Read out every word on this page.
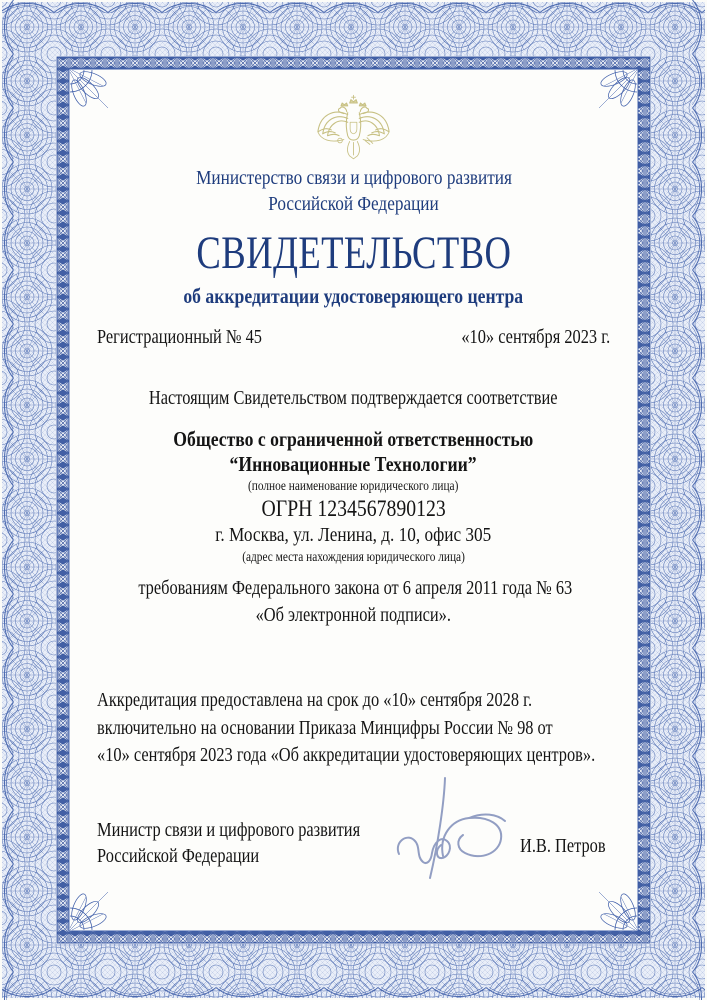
Министерство связи и цифрового развития
Российской Федерации
СВИДЕТЕЛЬСТВО
об аккредитации удостоверяющего центра
Регистрационный № 45	«10» сентября 2023 г.
Настоящим Свидетельством подтверждается соответствие
Общество с ограниченной ответственностью
“Инновационные Технологии”
(полное наименование юридического лица)
ОГРН 1234567890123
г. Москва, ул. Ленина, д. 10, офис 305
(адрес места нахождения юридического лица)
требованиям Федерального закона от 6 апреля 2011 года № 63
«Об электронной подписи».
Аккредитация предоставлена на срок до «10» сентября 2028 г.
включительно на основании Приказа Минцифры России № 98 от
«10» сентября 2023 года «Об аккредитации удостоверяющих центров».
Министр связи и цифрового развития
Российской Федерации	И.В. Петров
